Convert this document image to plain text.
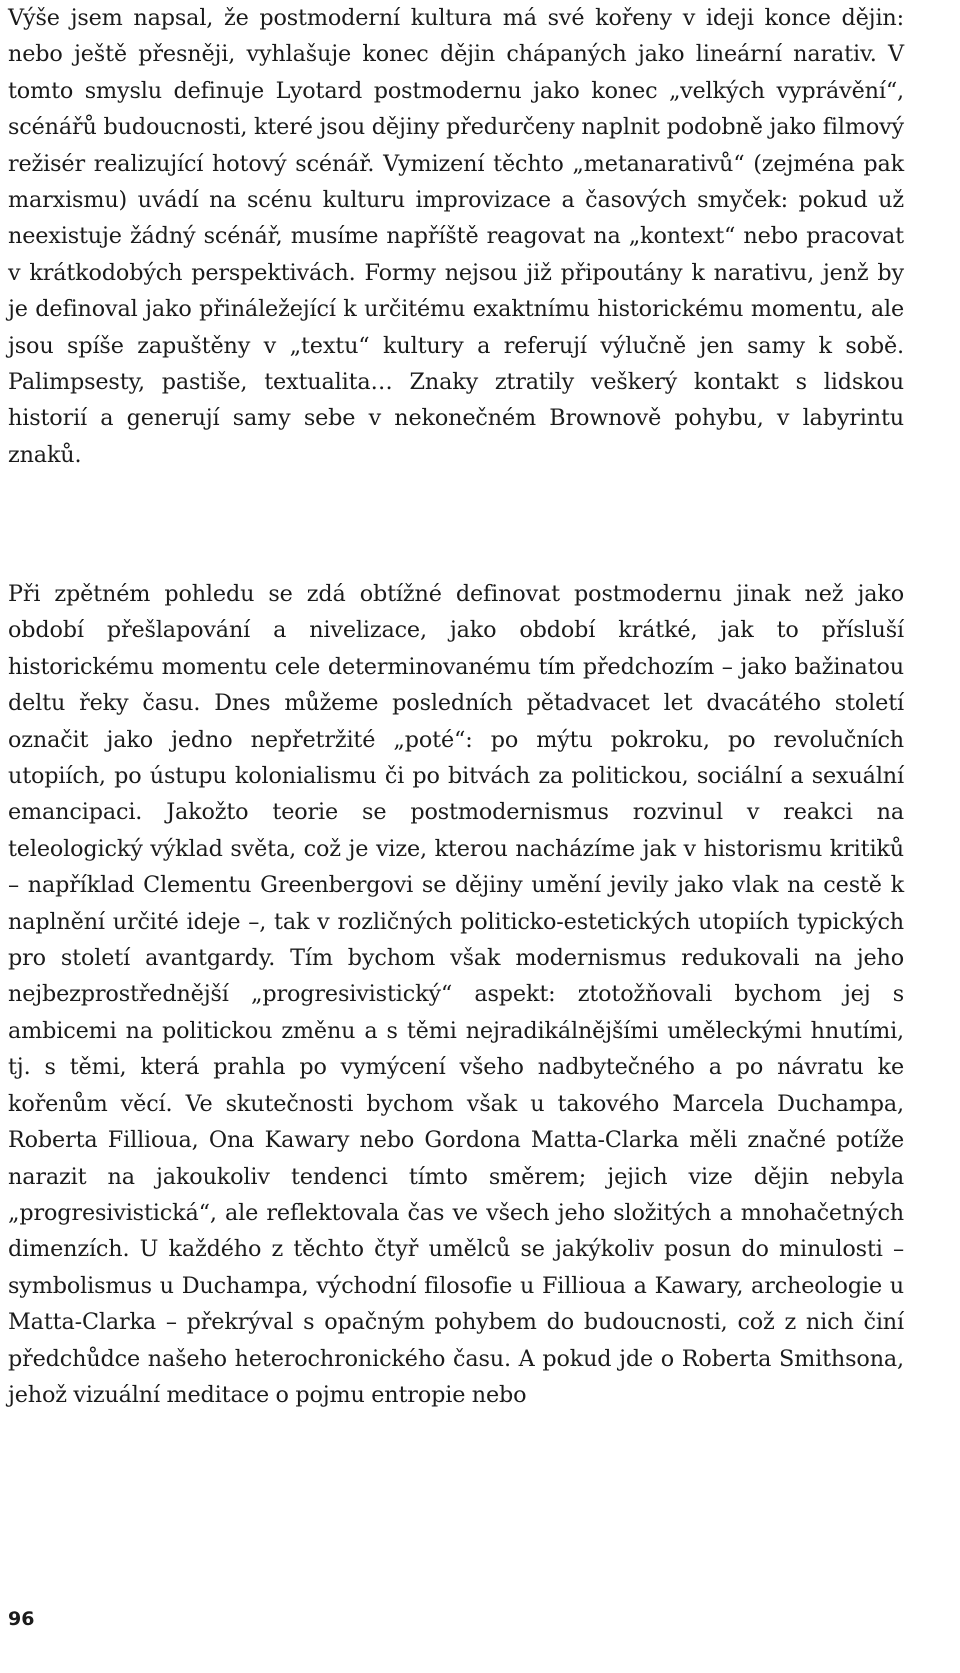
Výše jsem napsal, že postmoderní kultura má své kořeny v ideji konce dějin: nebo ještě přesněji, vyhlašuje konec dějin chápaných jako lineární narativ. V tomto smyslu definuje Lyotard postmodernu jako konec „velkých vyprávění“, scénářů budoucnosti, které jsou dějiny předurčeny naplnit podobně jako filmový režisér realizující hotový scénář. Vymizení těchto „metanarativů“ (zejména pak marxismu) uvádí na scénu kulturu improvizace a časových smyček: pokud už neexistuje žádný scénář, musíme napříště reagovat na „kontext“ nebo pracovat v krátkodobých perspektivách. Formy nejsou již připoutány k narativu, jenž by je definoval jako přináležející k určitému exaktnímu historickému momentu, ale jsou spíše zapuštěny v „textu“ kultury a referují výlučně jen samy k sobě. Palimpsesty, pastiše, textualita… Znaky ztratily veškerý kontakt s lidskou historií a generují samy sebe v nekonečném Brownově pohybu, v labyrintu znaků.

Při zpětném pohledu se zdá obtížné definovat postmodernu jinak než jako období přešlapování a nivelizace, jako období krátké, jak to přísluší historickému momentu cele determinovanému tím předchozím – jako bažinatou deltu řeky času. Dnes můžeme posledních pětadvacet let dvacátého století označit jako jedno nepřetržité „poté“: po mýtu pokroku, po revolučních utopiích, po ústupu kolonialismu či po bitvách za politickou, sociální a sexuální emancipaci. Jakožto teorie se postmodernismus rozvinul v reakci na teleologický výklad světa, což je vize, kterou nacházíme jak v historismu kritiků – například Clementu Greenbergovi se dějiny umění jevily jako vlak na cestě k naplnění určité ideje –, tak v rozličných politicko-estetických utopiích typických pro století avantgardy. Tím bychom však modernismus redukovali na jeho nejbezprostřednější „progresivistický“ aspekt: ztotožňovali bychom jej s ambicemi na politickou změnu a s těmi nejradikálnějšími uměleckými hnutími, tj. s těmi, která prahla po vymýcení všeho nadbytečného a po návratu ke kořenům věcí. Ve skutečnosti bychom však u takového Marcela Duchampa, Roberta Fillioua, Ona Kawary nebo Gordona Matta-Clarka měli značné potíže narazit na jakoukoliv tendenci tímto směrem; jejich vize dějin nebyla „progresivistická“, ale reflektovala čas ve všech jeho složitých a mnohačetných dimenzích. U každého z těchto čtyř umělců se jakýkoliv posun do minulosti – symbolismus u Duchampa, východní filosofie u Fillioua a Kawary, archeologie u Matta-Clarka – překrýval s opačným pohybem do budoucnosti, což z nich činí předchůdce našeho heterochronického času. A pokud jde o Roberta Smithsona, jehož vizuální meditace o pojmu entropie nebo

96
